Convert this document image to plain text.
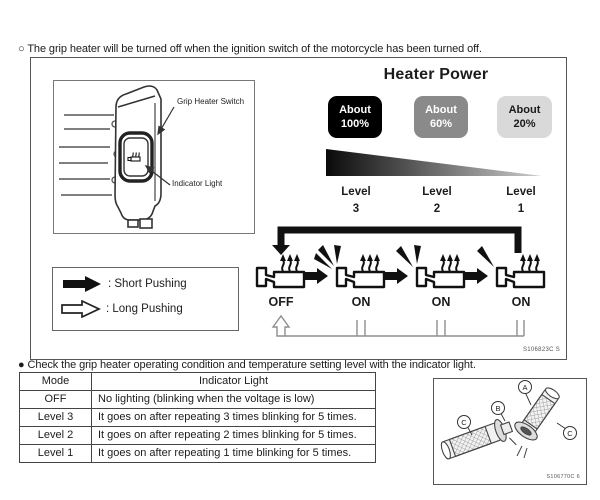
○ The grip heater will be turned off when the ignition switch of the motorcycle has been turned off.
Grip Heater Switch
Indicator Light
Heater Power
About
100%
About
60%
About
20%
Level
3
Level
2
Level
1
OFF	ON	ON	ON
S106823C S
: Short Pushing
: Long Pushing
● Check the grip heater operating condition and temperature setting level with the indicator light.
Mode	Indicator Light
OFF	No lighting (blinking when the voltage is low)
Level 3	It goes on after repeating 3 times blinking for 5 times.
Level 2	It goes on after repeating 2 times blinking for 5 times.
Level 1	It goes on after repeating 1 time blinking for 5 times.
A
B
C
C
S106770C 6
